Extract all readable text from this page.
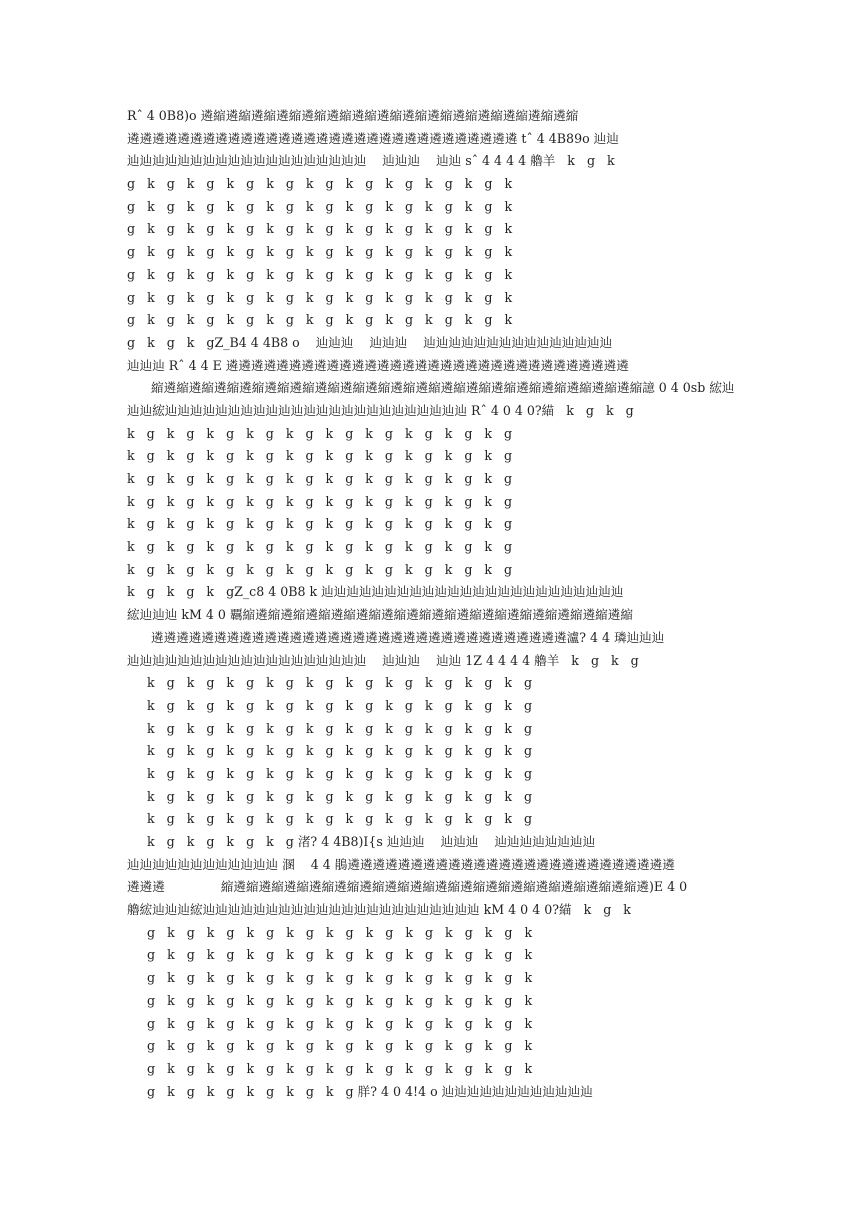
Rˆ 4 0B8)o 遴縮遴縮遴縮遴縮遴縮遴縮遴縮遴縮遴縮遴縮遴縮遴縮遴縮遴縮遴縮
遴遴遴遴遴遴遴遴遴遴遴遴遴遴遴遴遴遴遴遴遴遴遴遴遴遴遴遴遴遴遴 tˆ 4 4B89o 辿辿
辿辿辿辿辿辿辿辿辿辿辿辿辿辿辿辿辿辿辿    辿辿辿    辿辿 sˆ 4 4 4 4 艪羊   k   g   k
g   k   g   k   g   k   g   k   g   k   g   k   g   k   g   k   g   k   g   k
g   k   g   k   g   k   g   k   g   k   g   k   g   k   g   k   g   k   g   k
g   k   g   k   g   k   g   k   g   k   g   k   g   k   g   k   g   k   g   k
g   k   g   k   g   k   g   k   g   k   g   k   g   k   g   k   g   k   g   k
g   k   g   k   g   k   g   k   g   k   g   k   g   k   g   k   g   k   g   k
g   k   g   k   g   k   g   k   g   k   g   k   g   k   g   k   g   k   g   k
g   k   g   k   g   k   g   k   g   k   g   k   g   k   g   k   g   k   g   k
g   k   g   k   gZ_B4 4 4B8 o    辿辿辿    辿辿辿    辿辿辿辿辿辿辿辿辿辿辿辿辿辿辿
辿辿辿 Rˆ 4 4 E 遴遴遴遴遴遴遴遴遴遴遴遴遴遴遴遴遴遴遴遴遴遴遴遴遴遴遴遴遴遴遴遴
縮遴縮遴縮遴縮遴縮遴縮遴縮遴縮遴縮遴縮遴縮遴縮遴縮遴縮遴縮遴縮遴縮遴縮遴縮遴縮譩 0 4 0sb 綋辿
辿辿綋辿辿辿辿辿辿辿辿辿辿辿辿辿辿辿辿辿辿辿辿辿辿辿辿 Rˆ 4 0 4 0?緢   k   g   k   g
k   g   k   g   k   g   k   g   k   g   k   g   k   g   k   g   k   g   k   g
k   g   k   g   k   g   k   g   k   g   k   g   k   g   k   g   k   g   k   g
k   g   k   g   k   g   k   g   k   g   k   g   k   g   k   g   k   g   k   g
k   g   k   g   k   g   k   g   k   g   k   g   k   g   k   g   k   g   k   g
k   g   k   g   k   g   k   g   k   g   k   g   k   g   k   g   k   g   k   g
k   g   k   g   k   g   k   g   k   g   k   g   k   g   k   g   k   g   k   g
k   g   k   g   k   g   k   g   k   g   k   g   k   g   k   g   k   g   k   g
k   g   k   g   k   gZ_c8 4 0B8 k 辿辿辿辿辿辿辿辿辿辿辿辿辿辿辿辿辿辿辿辿辿辿辿辿
綋辿辿辿 kM 4 0 覊縮遴縮遴縮遴縮遴縮遴縮遴縮遴縮遴縮遴縮遴縮遴縮遴縮遴縮遴縮遴縮
遴遴遴遴遴遴遴遴遴遴遴遴遴遴遴遴遴遴遴遴遴遴遴遴遴遴遴遴遴遴遴遴遴瀘? 4 4 璘辿辿辿
辿辿辿辿辿辿辿辿辿辿辿辿辿辿辿辿辿辿辿    辿辿辿    辿辿 1Z 4 4 4 4 艪羊   k   g   k   g
k   g   k   g   k   g   k   g   k   g   k   g   k   g   k   g   k   g   k   g
k   g   k   g   k   g   k   g   k   g   k   g   k   g   k   g   k   g   k   g
k   g   k   g   k   g   k   g   k   g   k   g   k   g   k   g   k   g   k   g
k   g   k   g   k   g   k   g   k   g   k   g   k   g   k   g   k   g   k   g
k   g   k   g   k   g   k   g   k   g   k   g   k   g   k   g   k   g   k   g
k   g   k   g   k   g   k   g   k   g   k   g   k   g   k   g   k   g   k   g
k   g   k   g   k   g   k   g   k   g   k   g   k   g   k   g   k   g   k   g
k   g   k   g   k   g   k   g 渚? 4 4B8)I{s 辿辿辿    辿辿辿    辿辿辿辿辿辿辿辿
辿辿辿辿辿辿辿辿辿辿辿辿 溷    4 4 鵑遴遴遴遴遴遴遴遴遴遴遴遴遴遴遴遴遴遴遴遴遴遴遴遴遴遴
遴遴遴              縮遴縮遴縮遴縮遴縮遴縮遴縮遴縮遴縮遴縮遴縮遴縮遴縮遴縮遴縮遴縮遴縮遴)E 4 0
艪綋辿辿辿綋辿辿辿辿辿辿辿辿辿辿辿辿辿辿辿辿辿辿辿辿辿辿 kM 4 0 4 0?緢   k   g   k
g   k   g   k   g   k   g   k   g   k   g   k   g   k   g   k   g   k   g   k
g   k   g   k   g   k   g   k   g   k   g   k   g   k   g   k   g   k   g   k
g   k   g   k   g   k   g   k   g   k   g   k   g   k   g   k   g   k   g   k
g   k   g   k   g   k   g   k   g   k   g   k   g   k   g   k   g   k   g   k
g   k   g   k   g   k   g   k   g   k   g   k   g   k   g   k   g   k   g   k
g   k   g   k   g   k   g   k   g   k   g   k   g   k   g   k   g   k   g   k
g   k   g   k   g   k   g   k   g   k   g   k   g   k   g   k   g   k   g   k
g   k   g   k   g   k   g   k   g   k   g 羘? 4 0 4!4 o 辿辿辿辿辿辿辿辿辿辿辿辿
